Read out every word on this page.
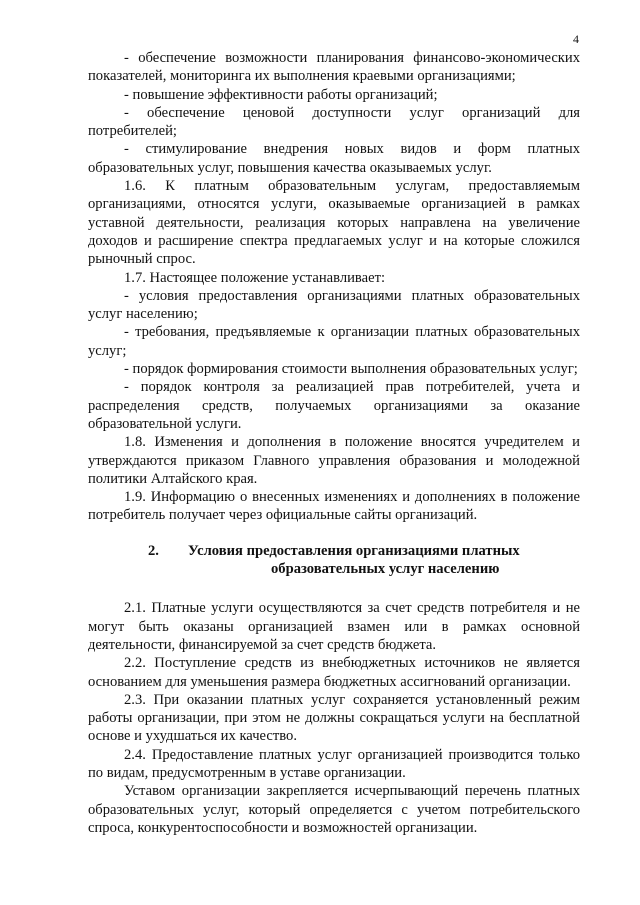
4

- обеспечение возможности планирования финансово-экономических показателей, мониторинга их выполнения краевыми организациями;

- повышение эффективности работы организаций;

- обеспечение ценовой доступности услуг организаций для потребителей;

- стимулирование внедрения новых видов и форм платных образовательных услуг, повышения качества оказываемых услуг.

1.6. К платным образовательным услугам, предоставляемым организациями, относятся услуги, оказываемые организацией в рамках уставной деятельности, реализация которых направлена на увеличение доходов и расширение спектра предлагаемых услуг и на которые сложился рыночный спрос.

1.7. Настоящее положение устанавливает:

- условия предоставления организациями платных образовательных услуг населению;

- требования, предъявляемые к организации платных образовательных услуг;

- порядок формирования стоимости выполнения образовательных услуг;

- порядок контроля за реализацией прав потребителей, учета и распределения средств, получаемых организациями за оказание образовательной услуги.

1.8. Изменения и дополнения в положение вносятся учредителем и утверждаются приказом Главного управления образования и молодежной политики Алтайского края.

1.9. Информацию о внесенных изменениях и дополнениях в положение потребитель получает через официальные сайты организаций.

2.	Условия предоставления организациями платных
образовательных услуг населению

2.1. Платные услуги осуществляются за счет средств потребителя и не могут быть оказаны организацией взамен или в рамках основной деятельности, финансируемой за счет средств бюджета.

2.2. Поступление средств из внебюджетных источников не является основанием для уменьшения размера бюджетных ассигнований организации.

2.3. При оказании платных услуг сохраняется установленный режим работы организации, при этом не должны сокращаться услуги на бесплатной основе и ухудшаться их качество.

2.4. Предоставление платных услуг организацией производится только по видам, предусмотренным в уставе организации.

Уставом организации закрепляется исчерпывающий перечень платных образовательных услуг, который определяется с учетом потребительского спроса, конкурентоспособности и возможностей организации.
